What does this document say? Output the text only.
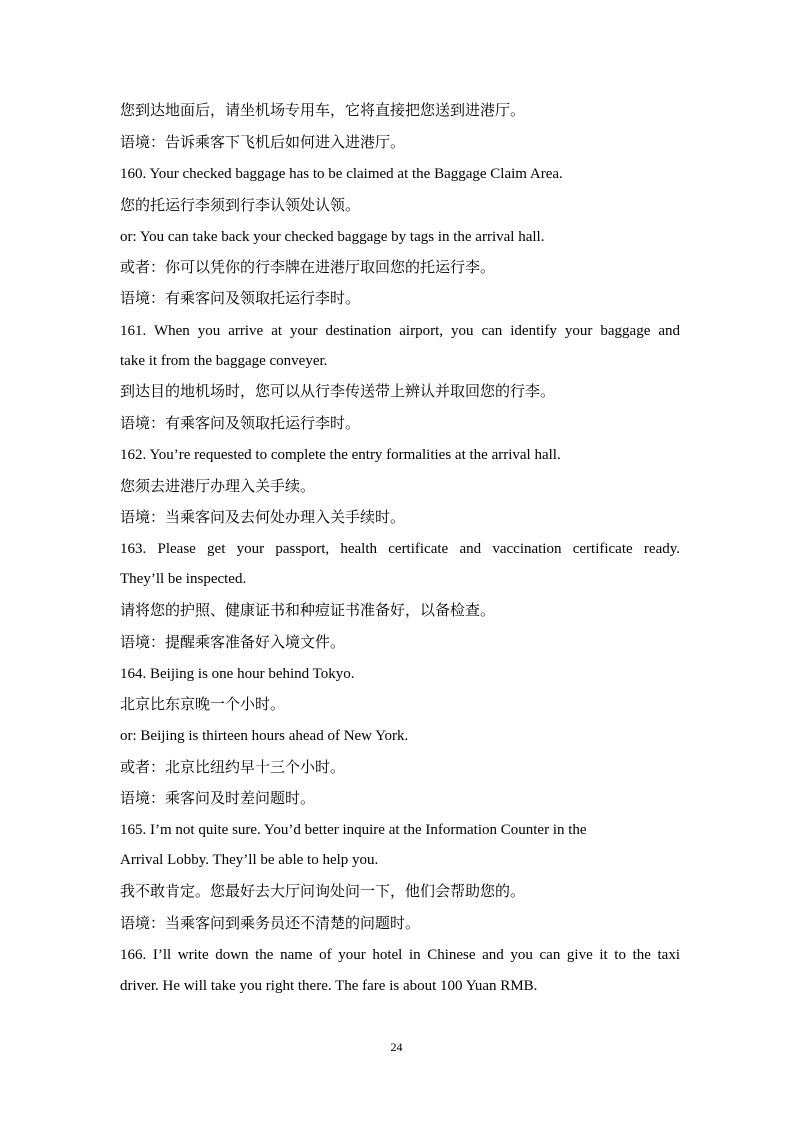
您到达地面后，请坐机场专用车，它将直接把您送到进港厅。
语境：告诉乘客下飞机后如何进入进港厅。
160. Your checked baggage has to be claimed at the Baggage Claim Area.
您的托运行李须到行李认领处认领。
or: You can take back your checked baggage by tags in the arrival hall.
或者：你可以凭你的行李牌在进港厅取回您的托运行李。
语境：有乘客问及领取托运行李时。
161. When you arrive at your destination airport, you can identify your baggage and
take it from the baggage conveyer.
到达目的地机场时，您可以从行李传送带上辨认并取回您的行李。
语境：有乘客问及领取托运行李时。
162. You’re requested to complete the entry formalities at the arrival hall.
您须去进港厅办理入关手续。
语境：当乘客问及去何处办理入关手续时。
163. Please get your passport, health certificate and vaccination certificate ready.
They’ll be inspected.
请将您的护照、健康证书和种痘证书准备好，以备检查。
语境：提醒乘客准备好入境文件。
164. Beijing is one hour behind Tokyo.
北京比东京晚一个小时。
or: Beijing is thirteen hours ahead of New York.
或者：北京比纽约早十三个小时。
语境：乘客问及时差问题时。
165. I’m not quite sure. You’d better inquire at the Information Counter in the
Arrival Lobby. They’ll be able to help you.
我不敢肯定。您最好去大厅问询处问一下，他们会帮助您的。
语境：当乘客问到乘务员还不清楚的问题时。
166. I’ll write down the name of your hotel in Chinese and you can give it to the taxi
driver. He will take you right there. The fare is about 100 Yuan RMB.
24
